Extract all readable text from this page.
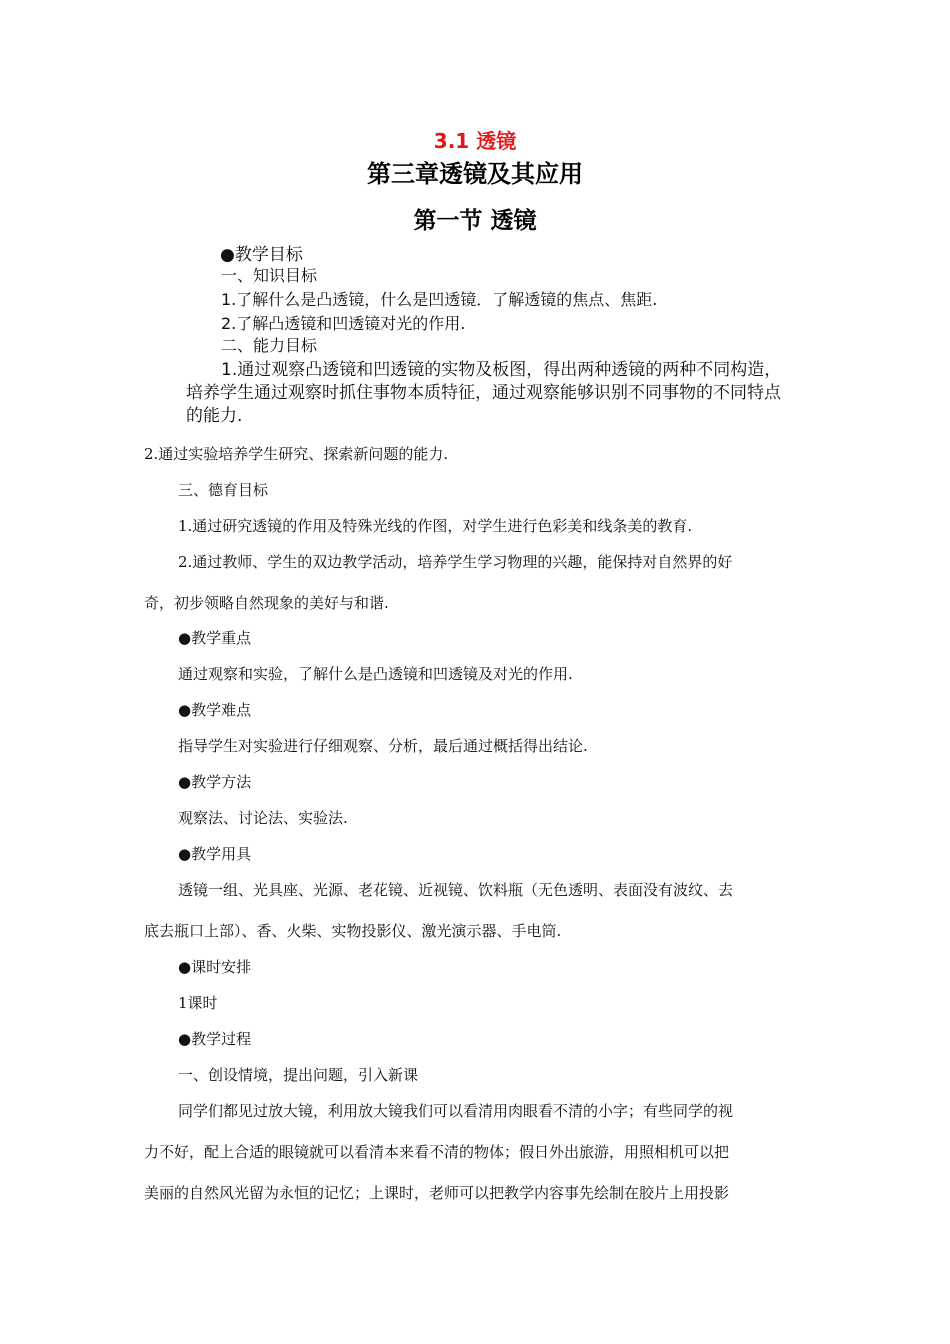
3.1 透镜
第三章透镜及其应用
第一节 透镜
●教学目标
一、知识目标
1.了解什么是凸透镜，什么是凹透镜．了解透镜的焦点、焦距.
2.了解凸透镜和凹透镜对光的作用.
二、能力目标
1.通过观察凸透镜和凹透镜的实物及板图，得出两种透镜的两种不同构造，
培养学生通过观察时抓住事物本质特征，通过观察能够识别不同事物的不同特点
的能力.
2.通过实验培养学生研究、探索新问题的能力.
三、德育目标
1.通过研究透镜的作用及特殊光线的作图，对学生进行色彩美和线条美的教育.
2.通过教师、学生的双边教学活动，培养学生学习物理的兴趣，能保持对自然界的好
奇，初步领略自然现象的美好与和谐.
●教学重点
通过观察和实验，了解什么是凸透镜和凹透镜及对光的作用.
●教学难点
指导学生对实验进行仔细观察、分析，最后通过概括得出结论.
●教学方法
观察法、讨论法、实验法.
●教学用具
透镜一组、光具座、光源、老花镜、近视镜、饮料瓶（无色透明、表面没有波纹、去
底去瓶口上部）、香、火柴、实物投影仪、激光演示器、手电筒.
●课时安排
1课时
●教学过程
一、创设情境，提出问题，引入新课
同学们都见过放大镜，利用放大镜我们可以看清用肉眼看不清的小字；有些同学的视
力不好，配上合适的眼镜就可以看清本来看不清的物体；假日外出旅游，用照相机可以把
美丽的自然风光留为永恒的记忆；上课时，老师可以把教学内容事先绘制在胶片上用投影
